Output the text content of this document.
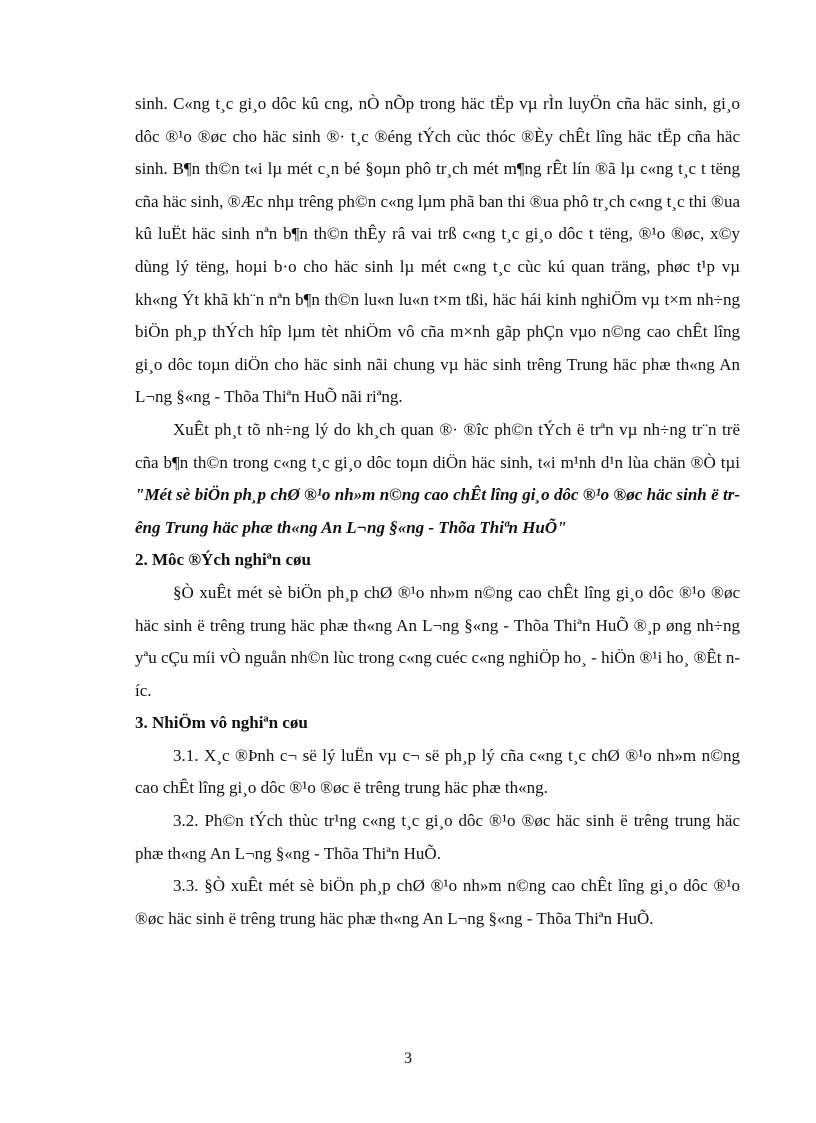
sinh. C«ng t¸c gi¸o dôc kû cng, nÒ nÕp trong häc tËp vµ rÌn luyÖn cña häc sinh, gi¸o dôc ®¹o ®øc cho häc sinh ®· t¸c ®éng tÝch cùc thóc ®Èy chÊt lîng häc tËp cña häc sinh. B¶n th©n t«i lµ mét c¸n bé §oµn phô tr¸ch mét m¶ng rÊt lín ®ã lµ c«ng t¸c t tëng cña häc sinh, ®Æc nhµ trêng ph©n c«ng lµm phã ban thi ®ua phô tr¸ch c«ng t¸c thi ®ua kû luËt häc sinh nªn b¶n th©n thÊy râ vai trß c«ng t¸c gi¸o dôc t tëng, ®¹o ®øc, x©y dùng lý tëng, hoµi b·o cho häc sinh lµ mét c«ng t¸c cùc kú quan träng, phøc t¹p vµ kh«ng Ýt khã kh¨n nªn b¶n th©n lu«n lu«n t×m tßi, häc hái kinh nghiÖm vµ t×m nh÷ng biÖn ph¸p thÝch hîp lµm tèt nhiÖm vô cña m×nh gãp phÇn vµo n©ng cao chÊt lîng gi¸o dôc toµn diÖn cho häc sinh nãi chung vµ häc sinh trêng Trung häc phæ th«ng An L¬ng §«ng - Thõa Thiªn HuÕ nãi riªng.

XuÊt ph¸t tõ nh÷ng lý do kh¸ch quan ®· ®îc ph©n tÝch ë trªn vµ nh÷ng tr¨n trë cña b¶n th©n trong c«ng t¸c gi¸o dôc toµn diÖn häc sinh, t«i m¹nh d¹n lùa chän ®Ò tµi "Mét sè biÖn ph¸p chØ ®¹o nh»m n©ng cao chÊt lîng gi¸o dôc ®¹o ®øc häc sinh ë trêng Trung häc phæ th«ng An L¬ng §«ng - Thõa Thiªn HuÕ"

2. Môc ®Ých nghiªn cøu

§Ò xuÊt mét sè biÖn ph¸p chØ ®¹o nh»m n©ng cao chÊt lîng gi¸o dôc ®¹o ®øc häc sinh ë trêng trung häc phæ th«ng An L¬ng §«ng - Thõa Thiªn HuÕ ®¸p øng nh÷ng yªu cÇu míi vÒ nguån nh©n lùc trong c«ng cuéc c«ng nghiÖp ho¸ - hiÖn ®¹i ho¸ ®Êt níc.

3. NhiÖm vô nghiªn cøu

3.1. X¸c ®Þnh c¬ së lý luËn vµ c¬ së ph¸p lý cña c«ng t¸c chØ ®¹o nh»m n©ng cao chÊt lîng gi¸o dôc ®¹o ®øc ë trêng trung häc phæ th«ng.

3.2. Ph©n tÝch thùc tr¹ng c«ng t¸c gi¸o dôc ®¹o ®øc häc sinh ë trêng trung häc phæ th«ng An L¬ng §«ng - Thõa Thiªn HuÕ.

3.3. §Ò xuÊt mét sè biÖn ph¸p chØ ®¹o nh»m n©ng cao chÊt lîng gi¸o dôc ®¹o ®øc häc sinh ë trêng trung häc phæ th«ng An L¬ng §«ng - Thõa Thiªn HuÕ.

3
